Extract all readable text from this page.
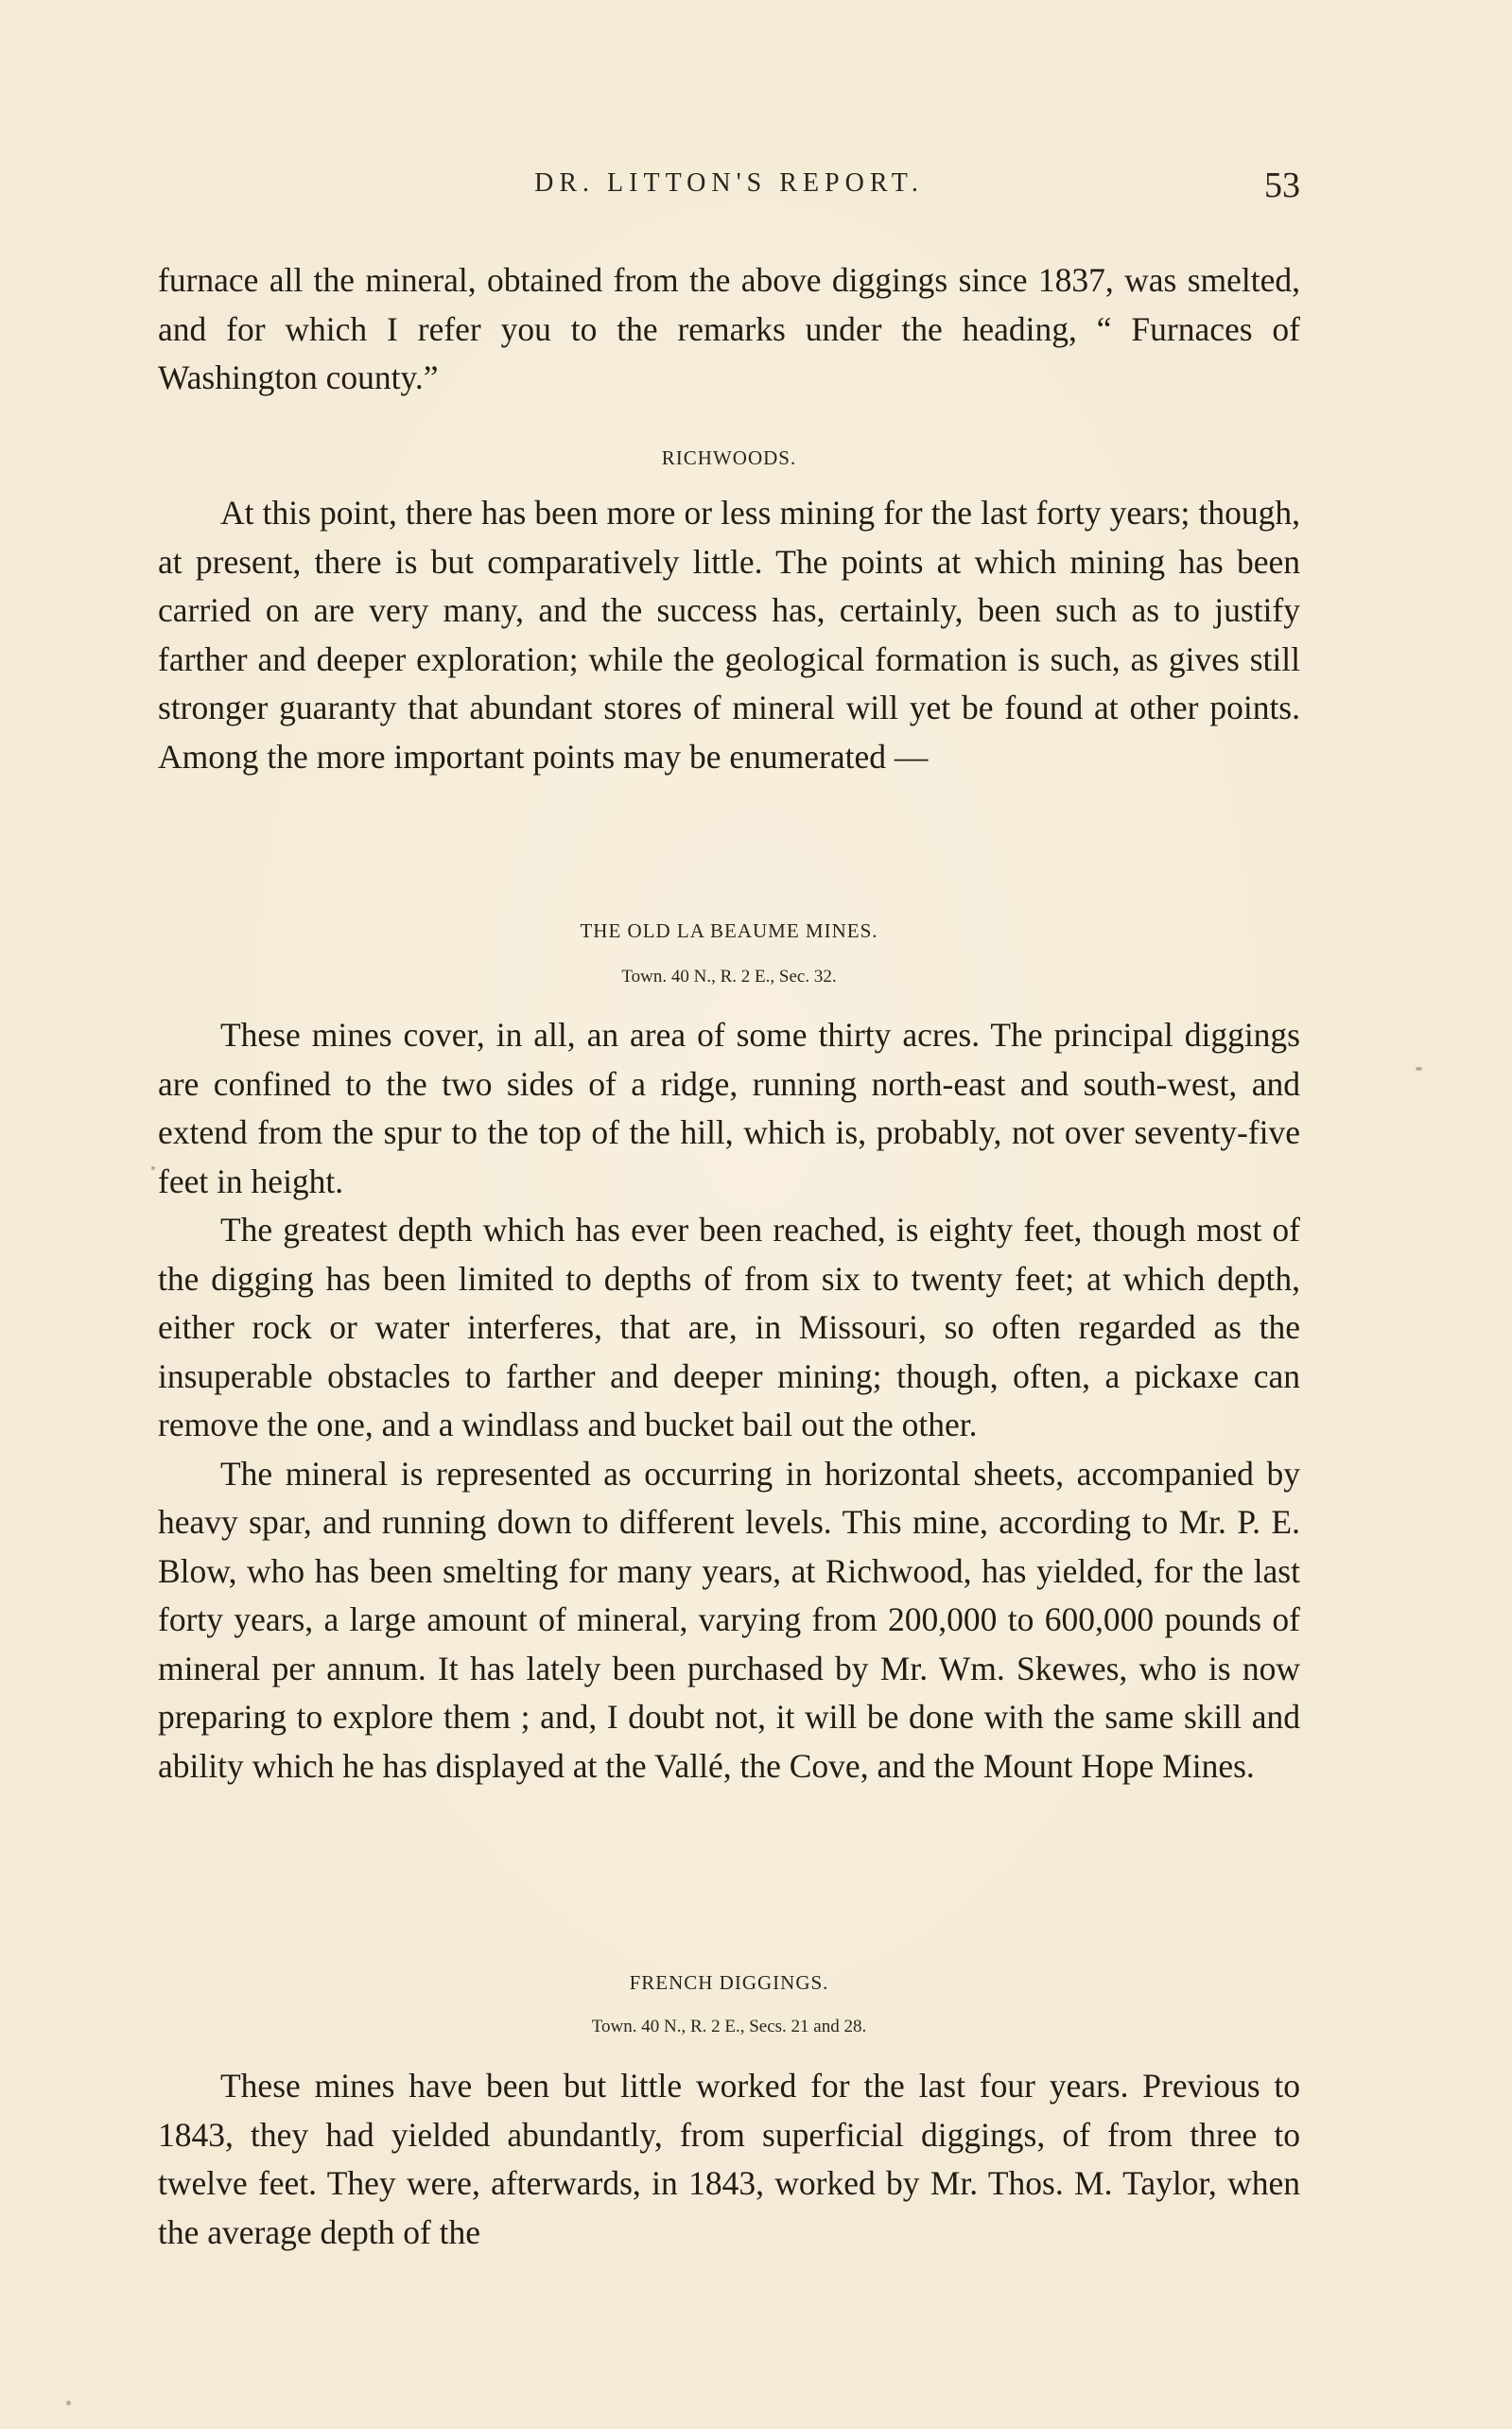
DR. LITTON'S REPORT.	53

furnace all the mineral, obtained from the above diggings since 1837, was smelted, and for which I refer you to the remarks under the heading, “ Furnaces of Washington county.”

RICHWOODS.

At this point, there has been more or less mining for the last forty years; though, at present, there is but comparatively little. The points at which mining has been carried on are very many, and the success has, certainly, been such as to justify farther and deeper exploration; while the geological formation is such, as gives still stronger guaranty that abundant stores of mineral will yet be found at other points. Among the more important points may be enumerated —

THE OLD LA BEAUME MINES.
Town. 40 N., R. 2 E., Sec. 32.

These mines cover, in all, an area of some thirty acres. The principal diggings are confined to the two sides of a ridge, running north-east and south-west, and extend from the spur to the top of the hill, which is, probably, not over seventy-five feet in height.

The greatest depth which has ever been reached, is eighty feet, though most of the digging has been limited to depths of from six to twenty feet; at which depth, either rock or water interferes, that are, in Missouri, so often regarded as the insuperable obstacles to farther and deeper mining; though, often, a pickaxe can remove the one, and a windlass and bucket bail out the other.

The mineral is represented as occurring in horizontal sheets, accompanied by heavy spar, and running down to different levels. This mine, according to Mr. P. E. Blow, who has been smelting for many years, at Richwood, has yielded, for the last forty years, a large amount of mineral, varying from 200,000 to 600,000 pounds of mineral per annum. It has lately been purchased by Mr. Wm. Skewes, who is now preparing to explore them ; and, I doubt not, it will be done with the same skill and ability which he has displayed at the Vallé, the Cove, and the Mount Hope Mines.

FRENCH DIGGINGS.
Town. 40 N., R. 2 E., Secs. 21 and 28.

These mines have been but little worked for the last four years. Previous to 1843, they had yielded abundantly, from superficial diggings, of from three to twelve feet. They were, afterwards, in 1843, worked by Mr. Thos. M. Taylor, when the average depth of the
